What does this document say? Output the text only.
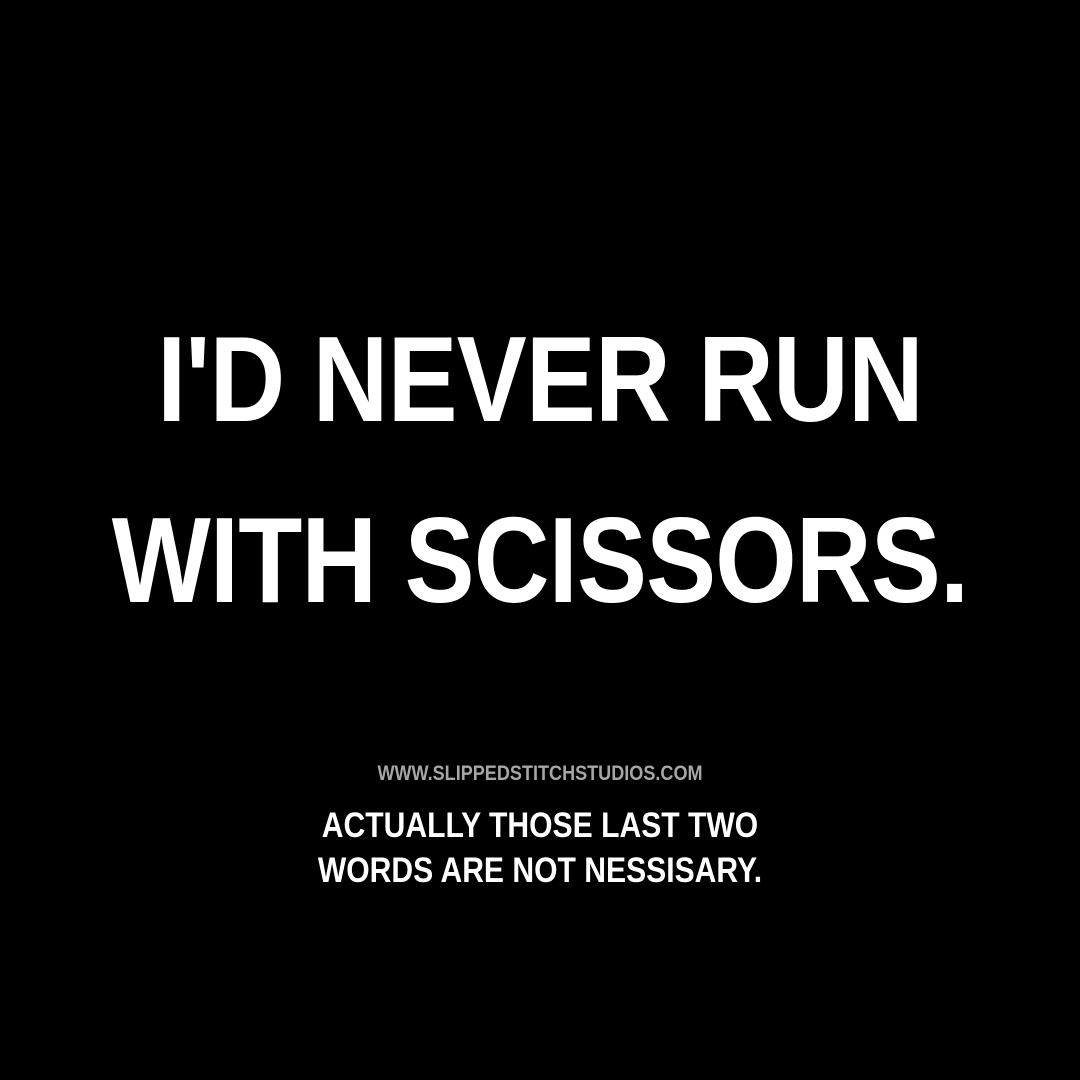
I'D NEVER RUN
WITH SCISSORS.
WWW.SLIPPEDSTITCHSTUDIOS.COM
ACTUALLY THOSE LAST TWO
WORDS ARE NOT NESSISARY.
